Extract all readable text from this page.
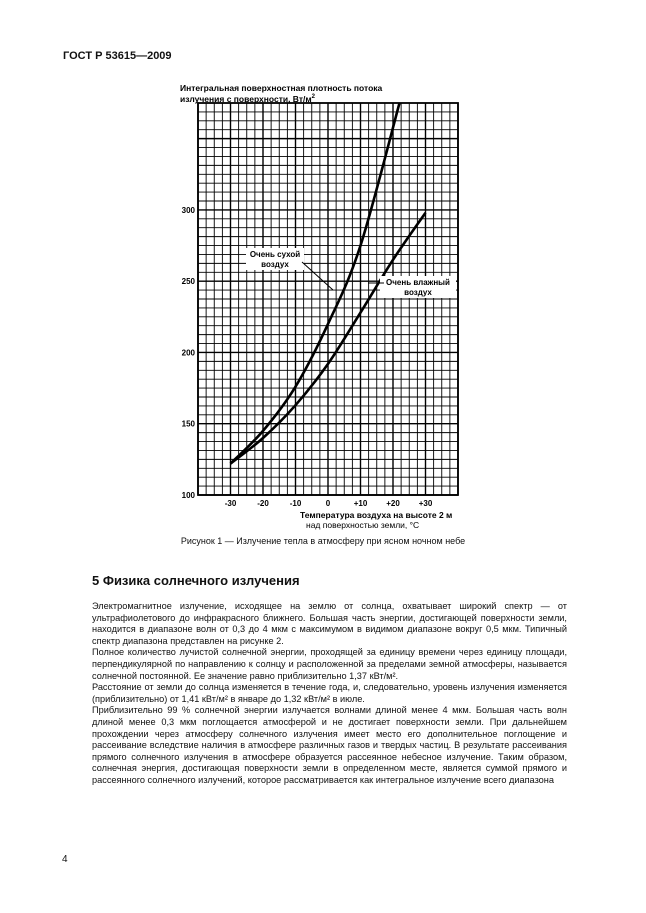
ГОСТ Р 53615—2009
100
150
200
250
300
-30	-20	-10	0	+10 +20 +30
Очень сухой
воздух
Очень влажный
воздух
Интегральная поверхностная плотность потока
излучения с поверхности, $Вт/м^2$
Температура воздуха на высоте 2 м
над поверхностью земли, °С
Рисунок 1 — Излучение тепла в атмосферу при ясном ночном небе
5 Физика солнечного излучения

Электромагнитное излучение, исходящее на землю от солнца, охватывает широкий спектр — от ультрафиолетового до инфракрасного ближнего. Большая часть энергии, достигающей поверхности земли, находится в диапазоне волн от 0,3 до 4 мкм с максимумом в видимом диапазоне вокруг 0,5 мкм. Типичный спектр диапазона представлен на рисунке 2.

Полное количество лучистой солнечной энергии, проходящей за единицу времени через единицу площади, перпендикулярной по направлению к солнцу и расположенной за пределами земной атмосферы, называется солнечной постоянной. Ее значение равно приблизительно 1,37 кВт/м².

Расстояние от земли до солнца изменяется в течение года, и, следовательно, уровень излучения изменяется (приблизительно) от 1,41 кВт/м² в январе до 1,32 кВт/м² в июле.

Приблизительно 99 % солнечной энергии излучается волнами длиной менее 4 мкм. Большая часть волн длиной менее 0,3 мкм поглощается атмосферой и не достигает поверхности земли. При дальнейшем прохождении через атмосферу солнечного излучения имеет место его дополнительное поглощение и рассеивание вследствие наличия в атмосфере различных газов и твердых частиц. В результате рассеивания прямого солнечного излучения в атмосфере образуется рассеянное небесное излучение. Таким образом, солнечная энергия, достигающая поверхности земли в определенном месте, является суммой прямого и рассеянного солнечного излучений, которое рассматривается как интегральное излучение всего диапазона

4
